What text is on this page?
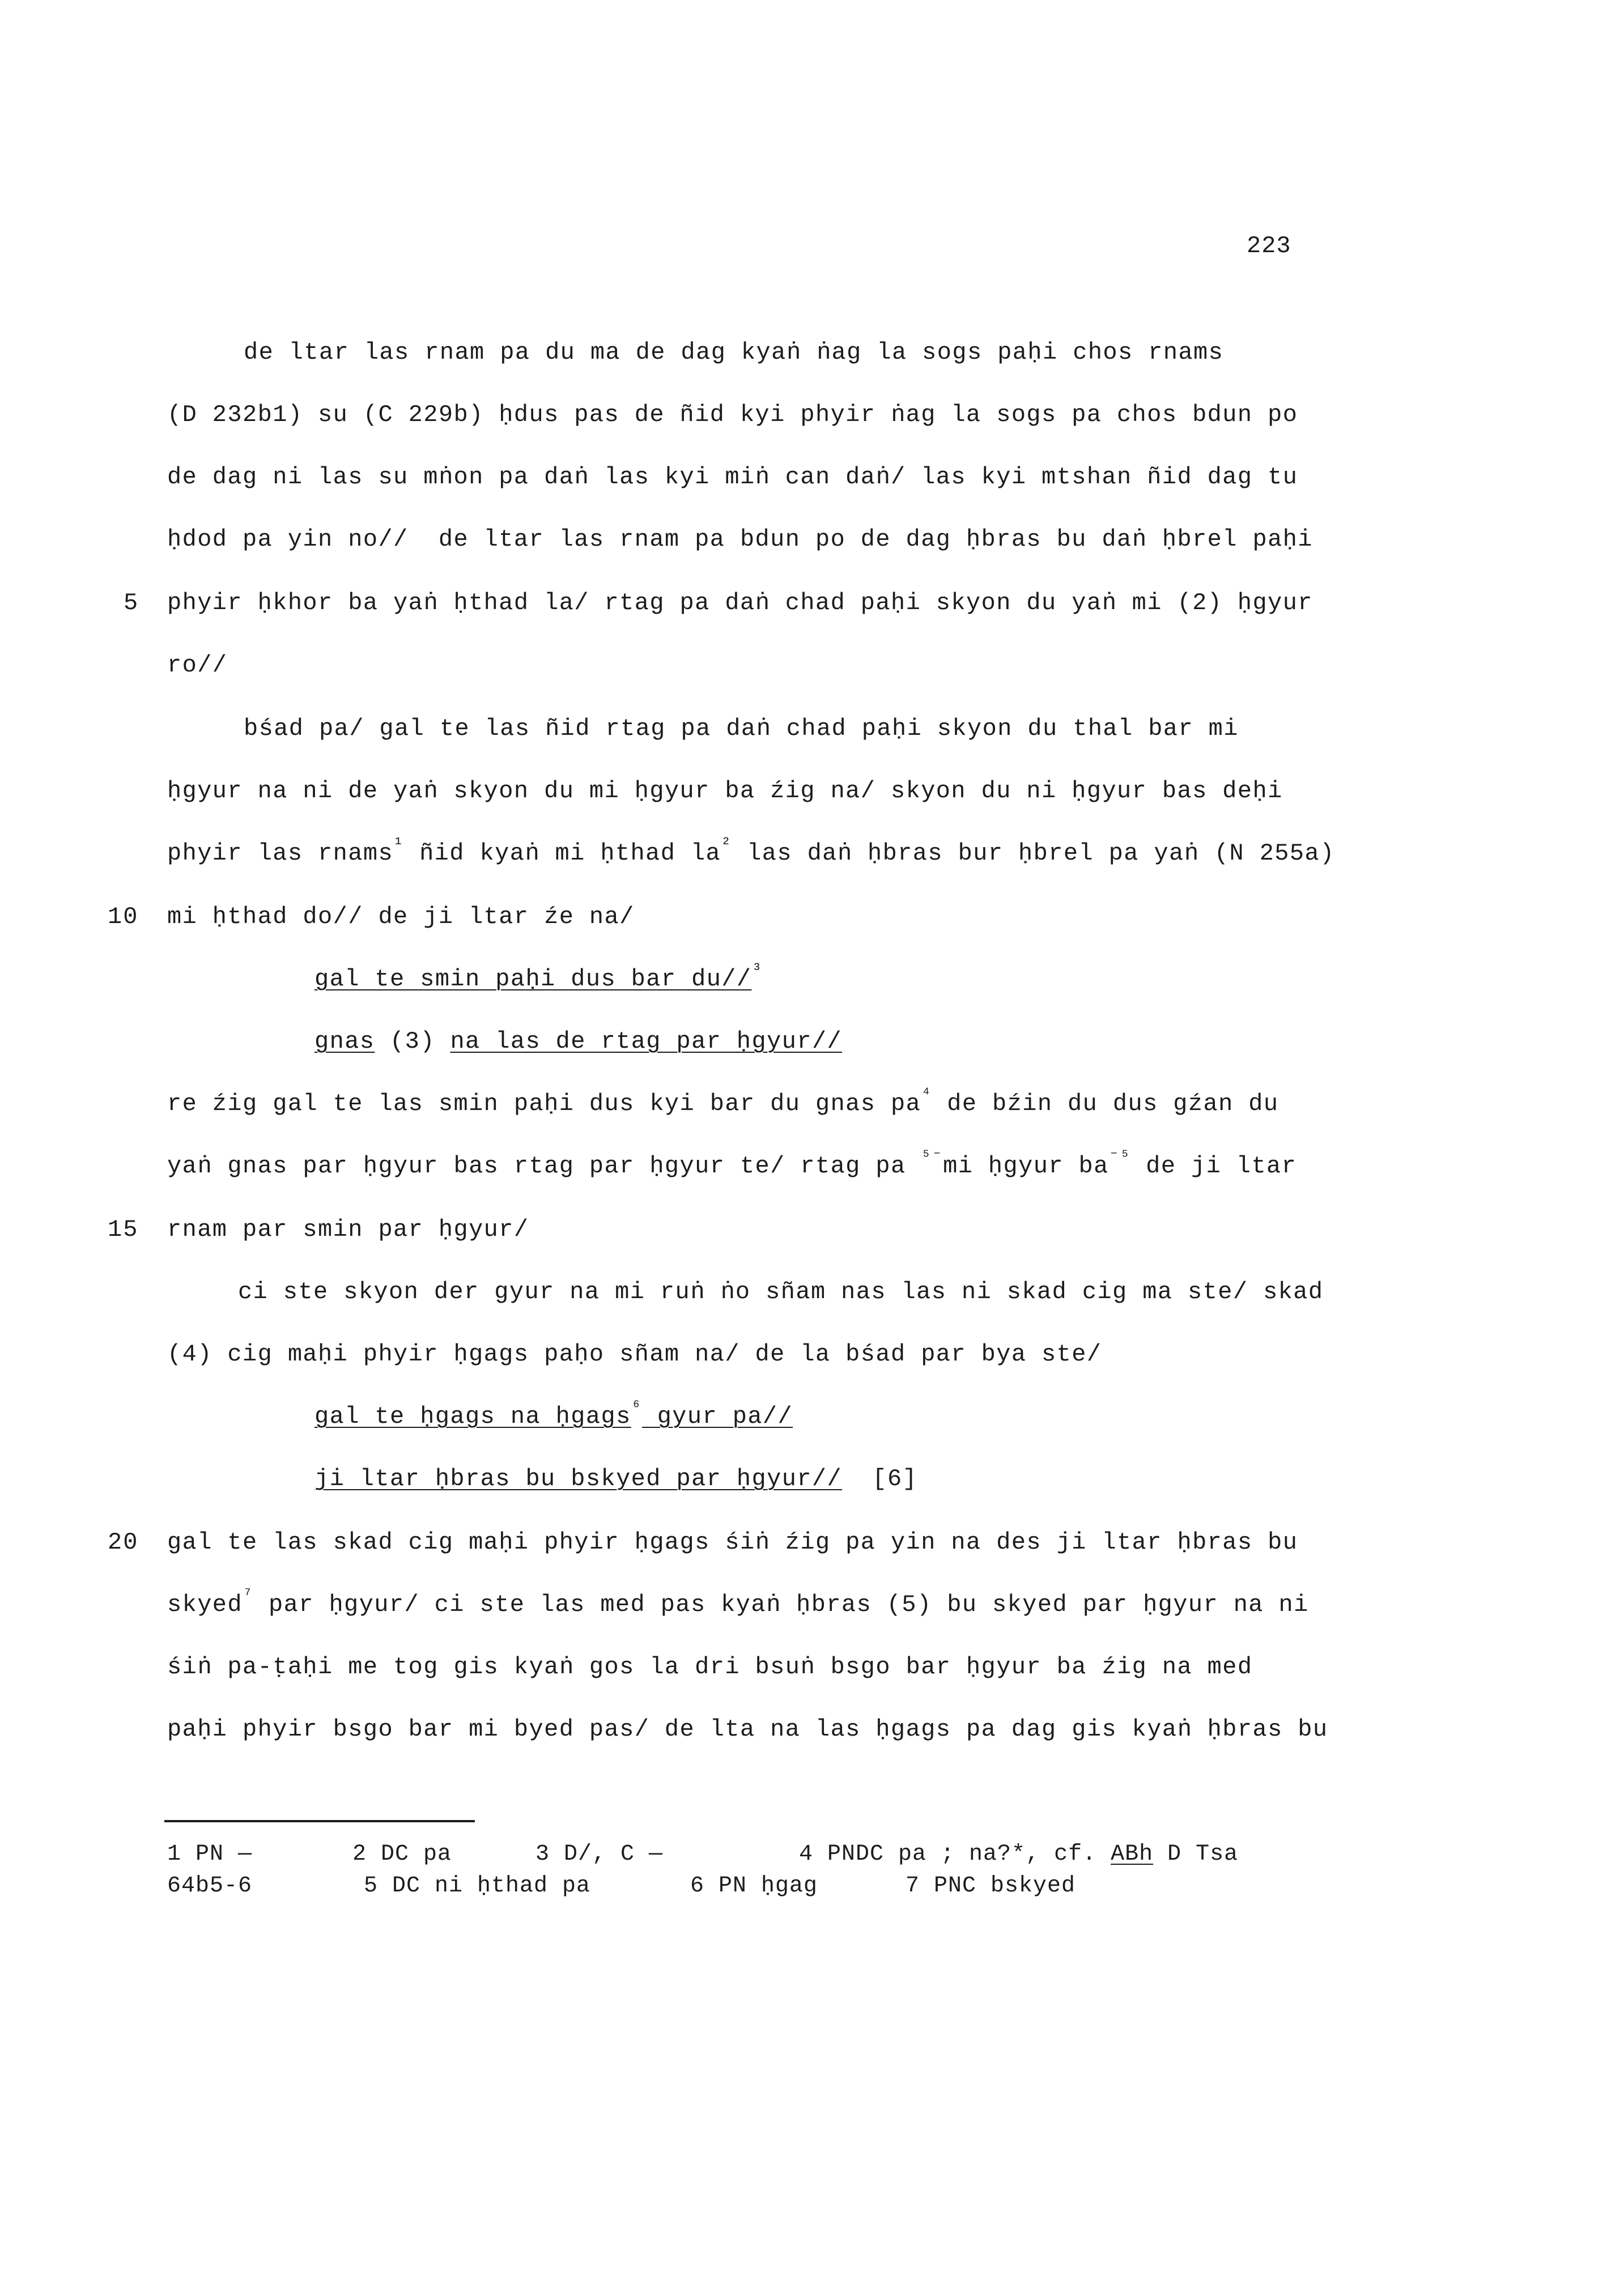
223
de ltar las rnam pa du ma de dag kyaṅ ṅag la sogs paḥi chos rnams
(D 232b1) su (C 229b) ḥdus pas de ñid kyi phyir ṅag la sogs pa chos bdun po
de dag ni las su mṅon pa daṅ las kyi miṅ can daṅ/ las kyi mtshan ñid dag tu
ḥdod pa yin no//  de ltar las rnam pa bdun po de dag ḥbras bu daṅ ḥbrel paḥi
5 phyir ḥkhor ba yaṅ ḥthad la/ rtag pa daṅ chad paḥi skyon du yaṅ mi (2) ḥgyur
ro//
bśad pa/ gal te las ñid rtag pa daṅ chad paḥi skyon du thal bar mi
ḥgyur na ni de yaṅ skyon du mi ḥgyur ba źig na/ skyon du ni ḥgyur bas deḥi
phyir las rnams$^{^1}$ ñid kyaṅ mi ḥthad $la^{^2}$ las daṅ ḥbras bur ḥbrel pa yaṅ (N 255a)
10 mi ḥthad do// de ji ltar źe na/
gal te smin paḥi dus bar du//$^{^3}$
gnas (3) na las de rtag par ḥgyur//
re źig gal te las smin paḥi dus kyi bar du gnas $pa^{^4}$ de bźin du dus gźan du
yaṅ gnas par ḥgyur bas rtag par ḥgyur te/ rtag pa $^{^{5-}}$mi ḥgyur $ba^{^{-5}}$ de ji ltar
15 rnam par smin par ḥgyur/
ci ste skyon der gyur na mi ruṅ ṅo sñam nas las ni skad cig ma ste/ skad
(4) cig maḥi phyir ḥgags paḥo sñam na/ de la bśad par bya ste/
gal te ḥgags na ḥgags$^{^6}$ gyur pa//
ji ltar ḥbras bu bskyed par ḥgyur//  [6]
20 gal te las skad cig maḥi phyir ḥgags śiṅ źig pa yin na des ji ltar ḥbras bu
skyed$^{^7}$ par ḥgyur/ ci ste las med pas kyaṅ ḥbras (5) bu skyed par ḥgyur na ni
śiṅ pa-ṭaḥi me tog gis kyaṅ gos la dri bsuṅ bsgo bar ḥgyur ba źig na med
paḥi phyir bsgo bar mi byed pas/ de lta na las ḥgags pa dag gis kyaṅ ḥbras bu
1 PN —	2 DC pa	3 D/, C —	4 PNDC pa ; na?*, cf. ABh D Tsa
64b5-6	5 DC ni ḥthad pa	6 PN ḥgag	7 PNC bskyed
